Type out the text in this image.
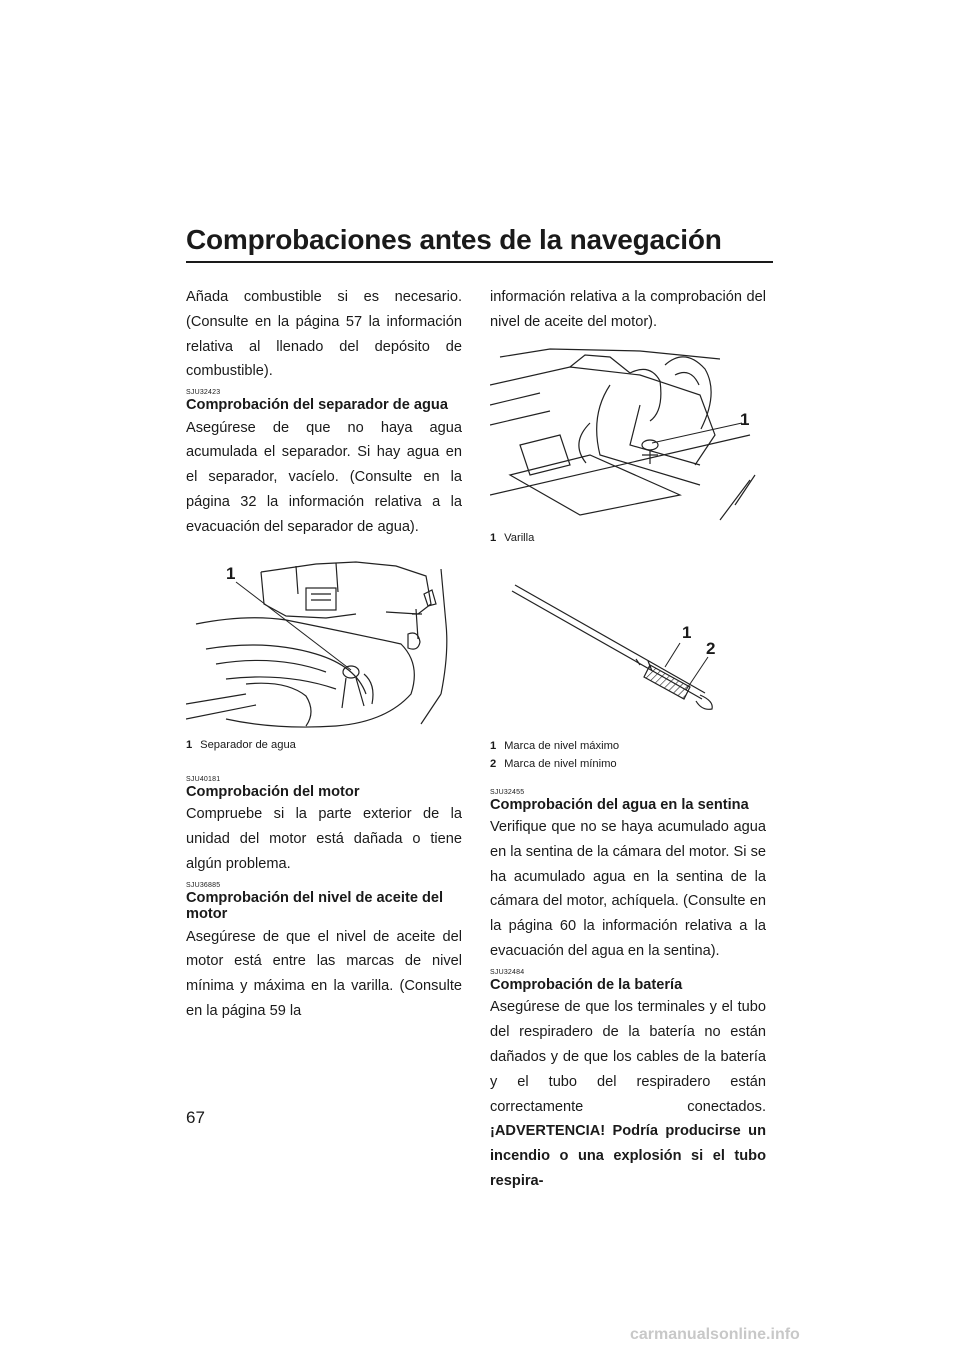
Comprobaciones antes de la navegación

Añada combustible si es necesario. (Consulte en la página 57 la información relativa al llenado del depósito de combustible).

SJU32423
Comprobación del separador de agua

Asegúrese de que no haya agua acumulada el separador. Si hay agua en el separador, vacíelo. (Consulte en la página 32 la información relativa a la evacuación del separador de agua).

1
1 Separador de agua
SJU40181
Comprobación del motor

Compruebe si la parte exterior de la unidad del motor está dañada o tiene algún problema.

SJU36885
Comprobación del nivel de aceite del motor

Asegúrese de que el nivel de aceite del motor está entre las marcas de nivel mínima y máxima en la varilla. (Consulte en la página 59 la

información relativa a la comprobación del nivel de aceite del motor).

1
1 Varilla
1
2
1 Marca de nivel máximo
2 Marca de nivel mínimo
SJU32455
Comprobación del agua en la sentina

Verifique que no se haya acumulado agua en la sentina de la cámara del motor. Si se ha acumulado agua en la sentina de la cámara del motor, achíquela. (Consulte en la página 60 la información relativa a la evacuación del agua en la sentina).

SJU32484
Comprobación de la batería

Asegúrese de que los terminales y el tubo del respiradero de la batería no están dañados y de que los cables de la batería y el tubo del respiradero están correctamente conectados. ¡ADVERTENCIA! Podría producirse un incendio o una explosión si el tubo respira-

67
carmanualsonline.info
